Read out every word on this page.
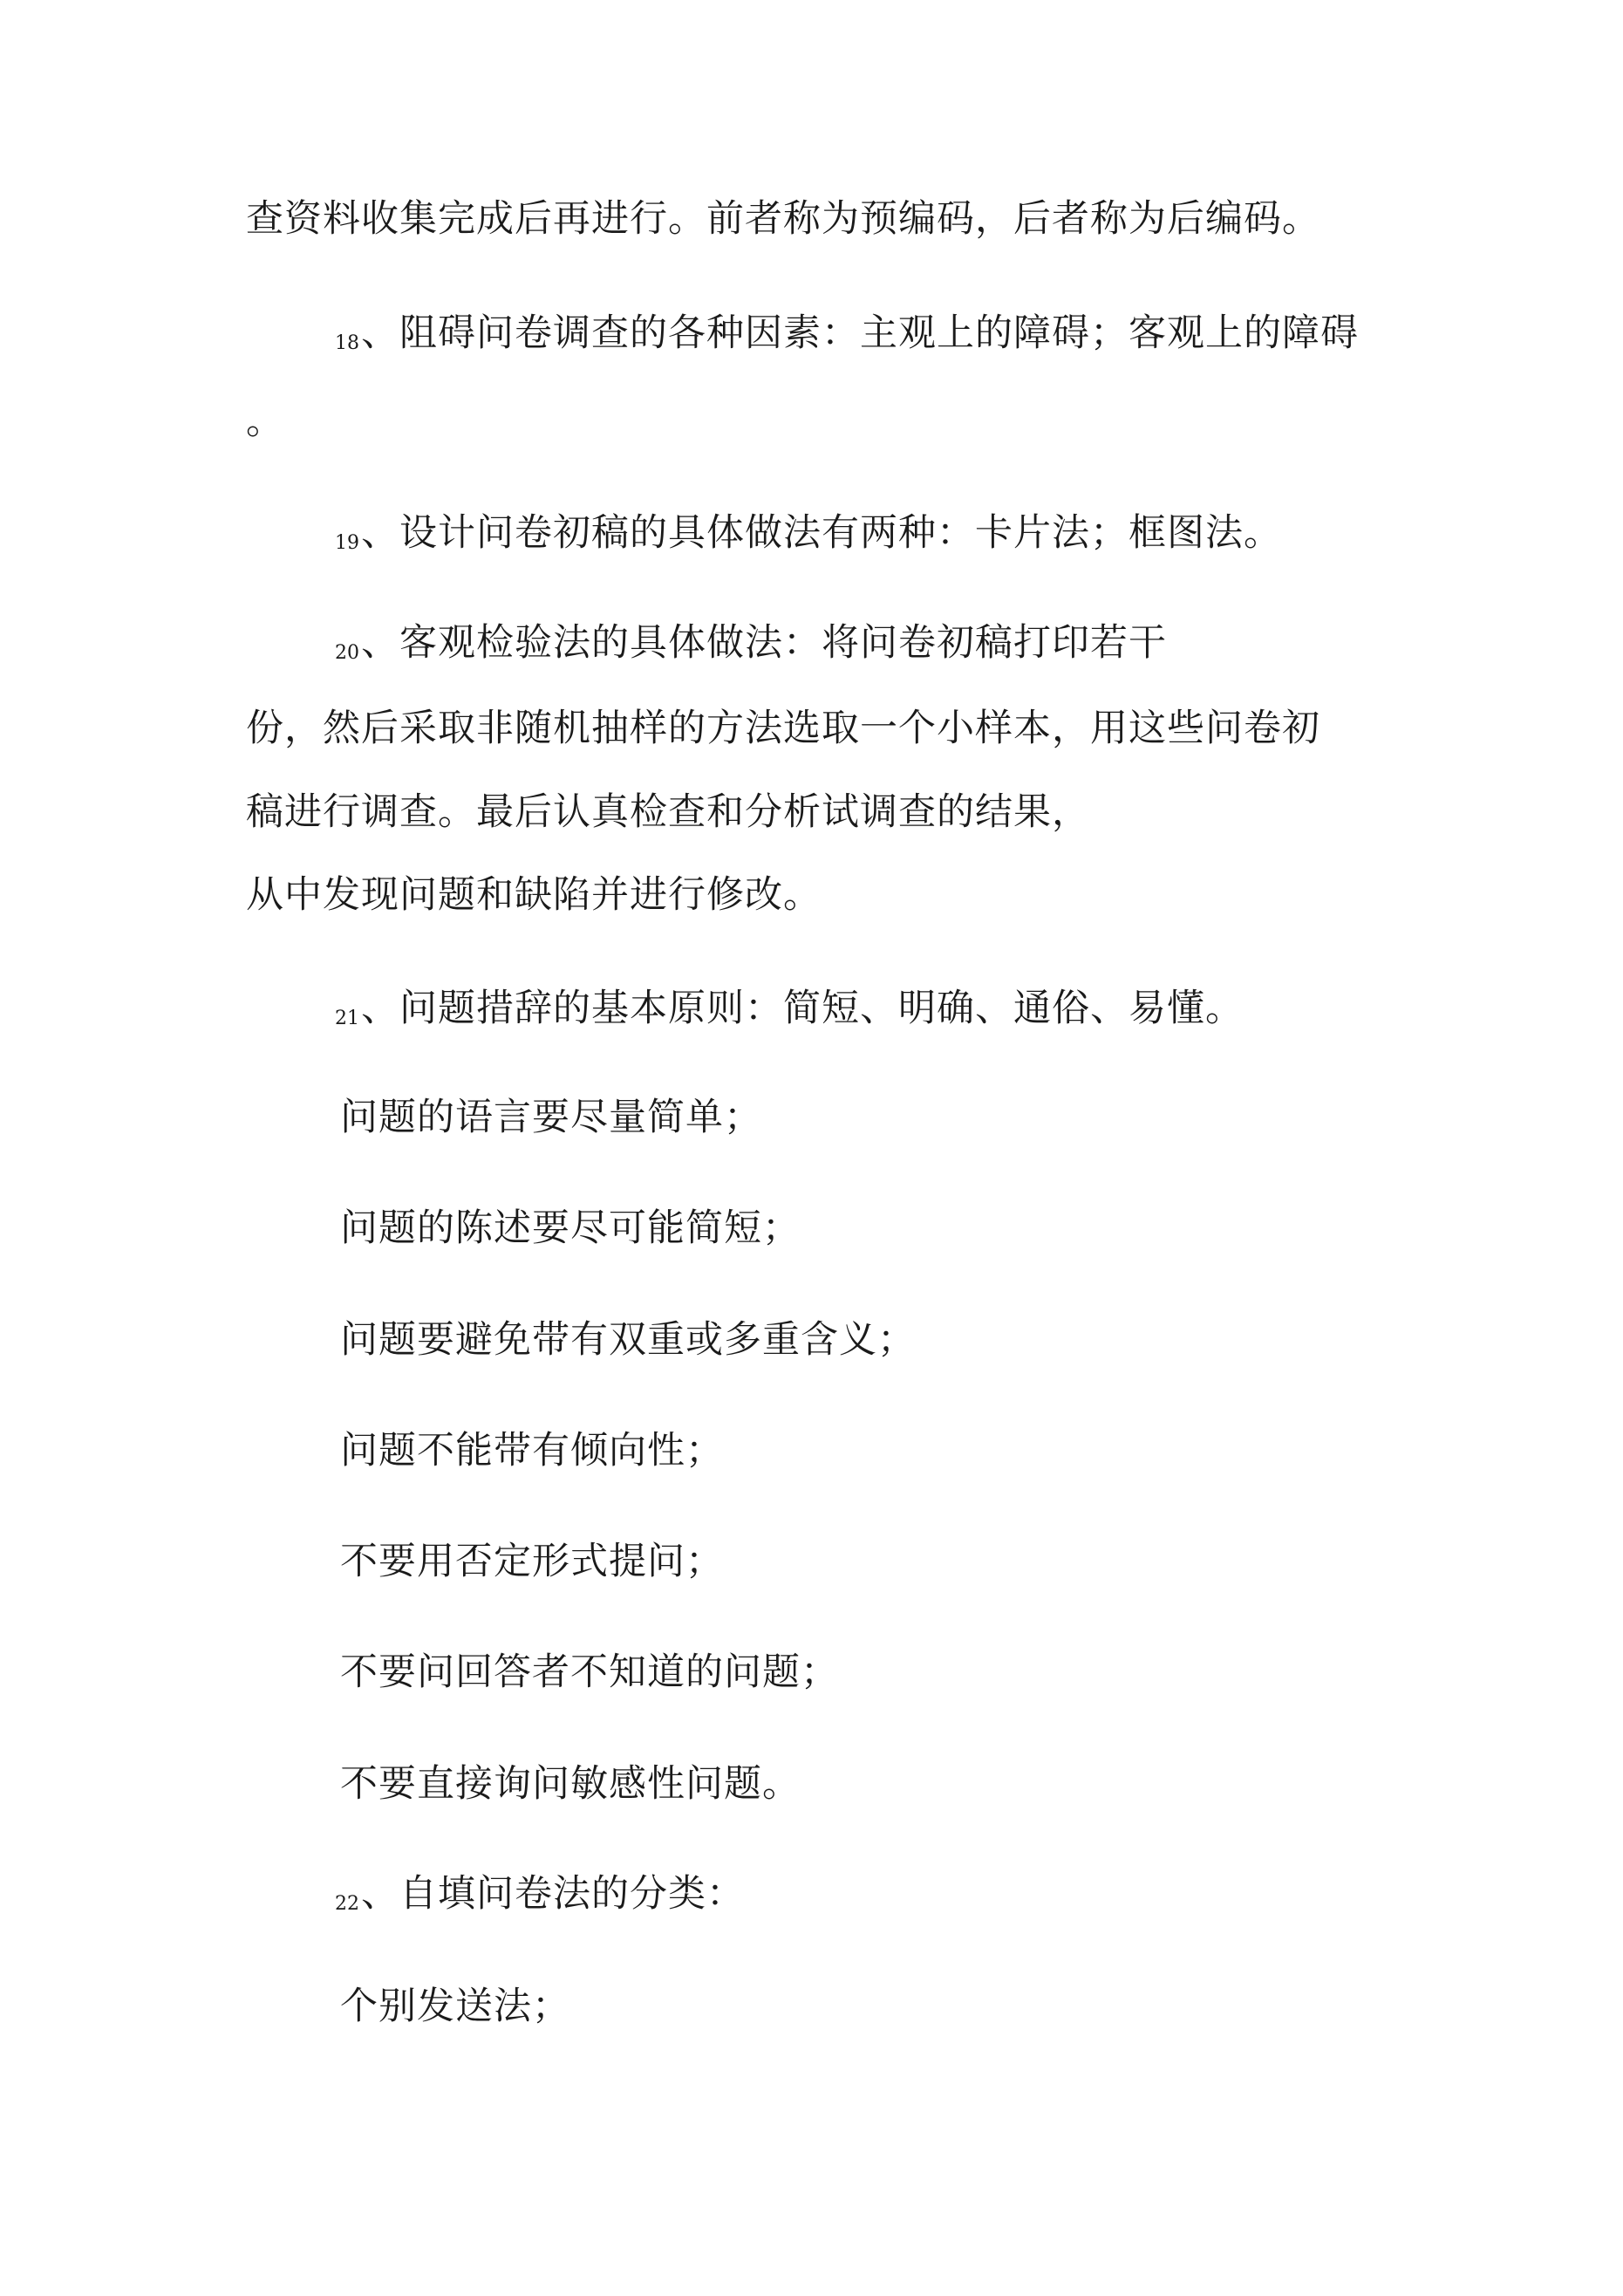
查资料收集完成后再进行。前者称为预编码，后者称为后编码。
18、阻碍问卷调查的各种因素：主观上的障碍；客观上的障碍
。
19、设计问卷初稿的具体做法有两种：卡片法；框图法。
20、客观检验法的具体做法：将问卷初稿打印若干
份，然后采取非随机抽样的方法选取一个小样本，用这些问卷初
稿进行调查。最后认真检查和分析试调查的结果，
从中发现问题和缺陷并进行修改。
21、问题措辞的基本原则：简短、明确、通俗、易懂。
问题的语言要尽量简单；
问题的陈述要尽可能简短；
问题要避免带有双重或多重含义；
问题不能带有倾向性；
不要用否定形式提问；
不要问回答者不知道的问题；
不要直接询问敏感性问题。
22、自填问卷法的分类：
个别发送法；
